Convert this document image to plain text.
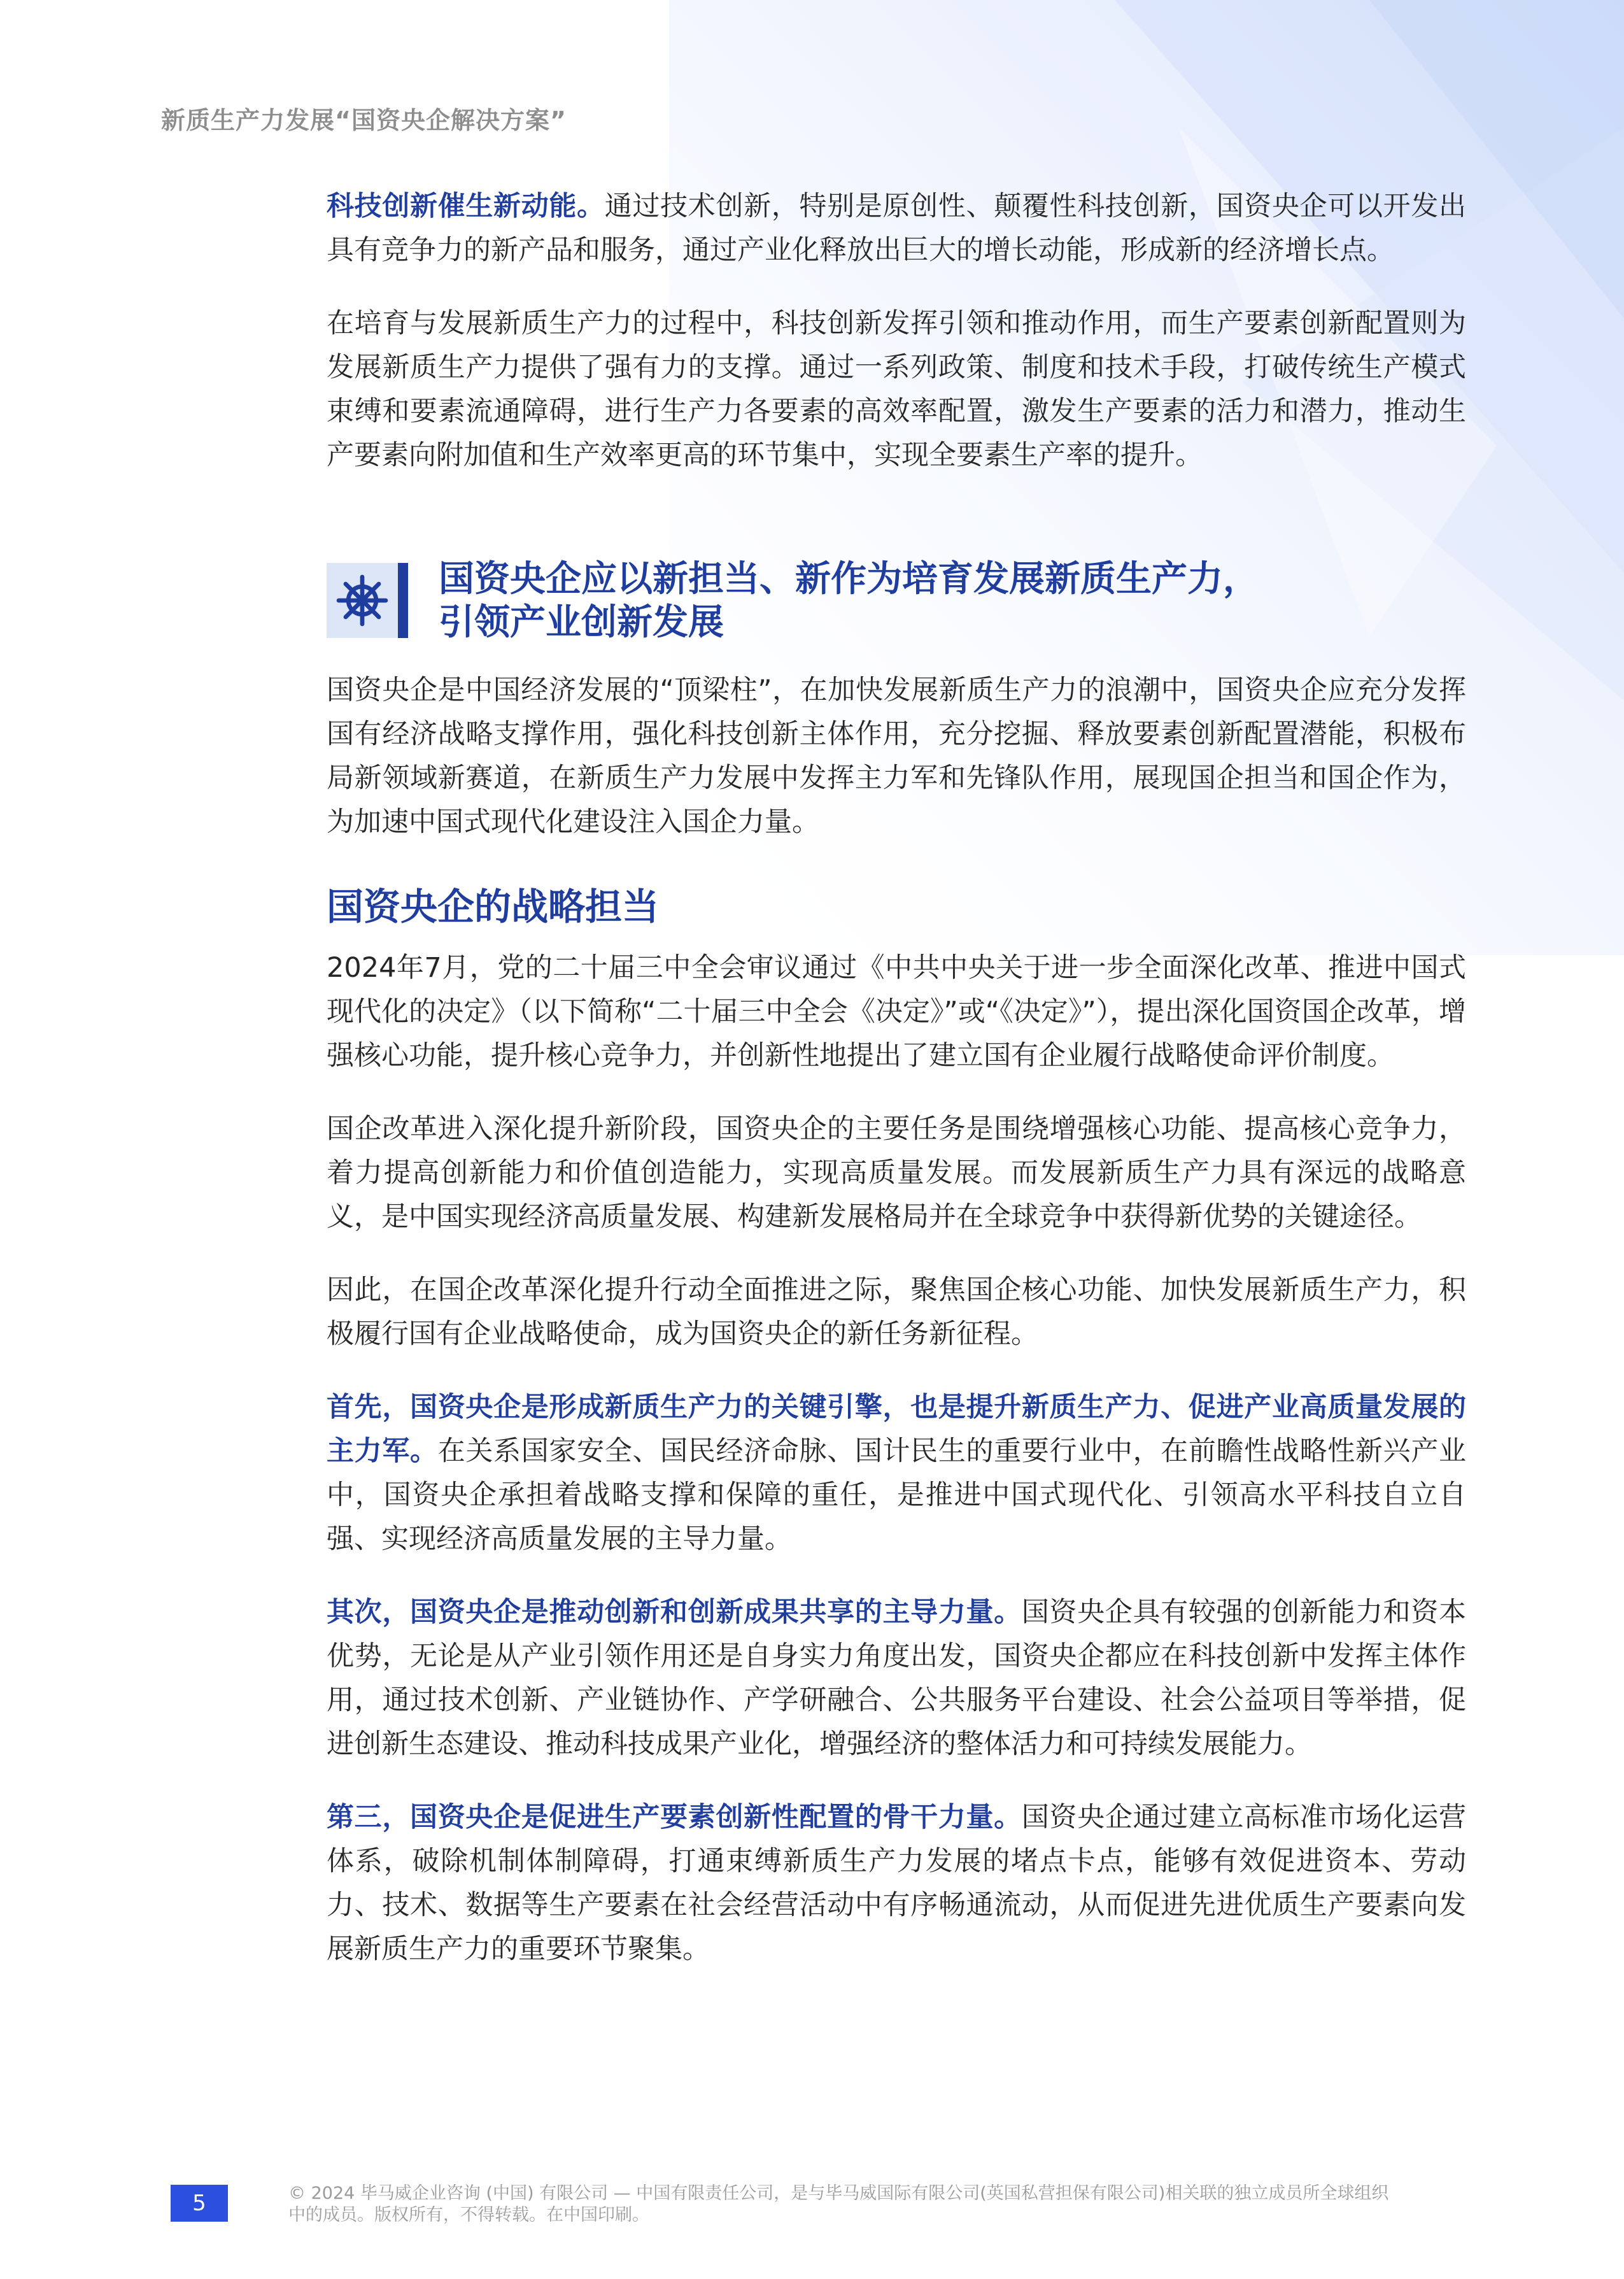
新质生产力发展“国资央企解决方案”

科技创新催生新动能。通过技术创新，特别是原创性、颠覆性科技创新，国资央企可以开发出具有竞争力的新产品和服务，通过产业化释放出巨大的增长动能，形成新的经济增长点。

在培育与发展新质生产力的过程中，科技创新发挥引领和推动作用，而生产要素创新配置则为发展新质生产力提供了强有力的支撑。通过一系列政策、制度和技术手段，打破传统生产模式束缚和要素流通障碍，进行生产力各要素的高效率配置，激发生产要素的活力和潜力，推动生产要素向附加值和生产效率更高的环节集中，实现全要素生产率的提升。

国资央企应以新担当、新作为培育发展新质生产力，
引领产业创新发展

国资央企是中国经济发展的“顶梁柱”，在加快发展新质生产力的浪潮中，国资央企应充分发挥国有经济战略支撑作用，强化科技创新主体作用，充分挖掘、释放要素创新配置潜能，积极布局新领域新赛道，在新质生产力发展中发挥主力军和先锋队作用，展现国企担当和国企作为，为加速中国式现代化建设注入国企力量。

国资央企的战略担当

2024年7月，党的二十届三中全会审议通过《中共中央关于进一步全面深化改革、推进中国式现代化的决定》（以下简称“二十届三中全会《决定》”或“《决定》”），提出深化国资国企改革，增强核心功能，提升核心竞争力，并创新性地提出了建立国有企业履行战略使命评价制度。

国企改革进入深化提升新阶段，国资央企的主要任务是围绕增强核心功能、提高核心竞争力，着力提高创新能力和价值创造能力，实现高质量发展。而发展新质生产力具有深远的战略意义，是中国实现经济高质量发展、构建新发展格局并在全球竞争中获得新优势的关键途径。

因此，在国企改革深化提升行动全面推进之际，聚焦国企核心功能、加快发展新质生产力，积极履行国有企业战略使命，成为国资央企的新任务新征程。

首先，国资央企是形成新质生产力的关键引擎，也是提升新质生产力、促进产业高质量发展的主力军。在关系国家安全、国民经济命脉、国计民生的重要行业中，在前瞻性战略性新兴产业中，国资央企承担着战略支撑和保障的重任，是推进中国式现代化、引领高水平科技自立自强、实现经济高质量发展的主导力量。

其次，国资央企是推动创新和创新成果共享的主导力量。国资央企具有较强的创新能力和资本优势，无论是从产业引领作用还是自身实力角度出发，国资央企都应在科技创新中发挥主体作用，通过技术创新、产业链协作、产学研融合、公共服务平台建设、社会公益项目等举措，促进创新生态建设、推动科技成果产业化，增强经济的整体活力和可持续发展能力。

第三，国资央企是促进生产要素创新性配置的骨干力量。国资央企通过建立高标准市场化运营体系，破除机制体制障碍，打通束缚新质生产力发展的堵点卡点，能够有效促进资本、劳动力、技术、数据等生产要素在社会经营活动中有序畅通流动，从而促进先进优质生产要素向发展新质生产力的重要环节聚集。

5	© 2024 毕马威企业咨询 (中国) 有限公司 — 中国有限责任公司，是与毕马威国际有限公司(英国私营担保有限公司)相关联的独立成员所全球组织
中的成员。版权所有，不得转载。在中国印刷。
